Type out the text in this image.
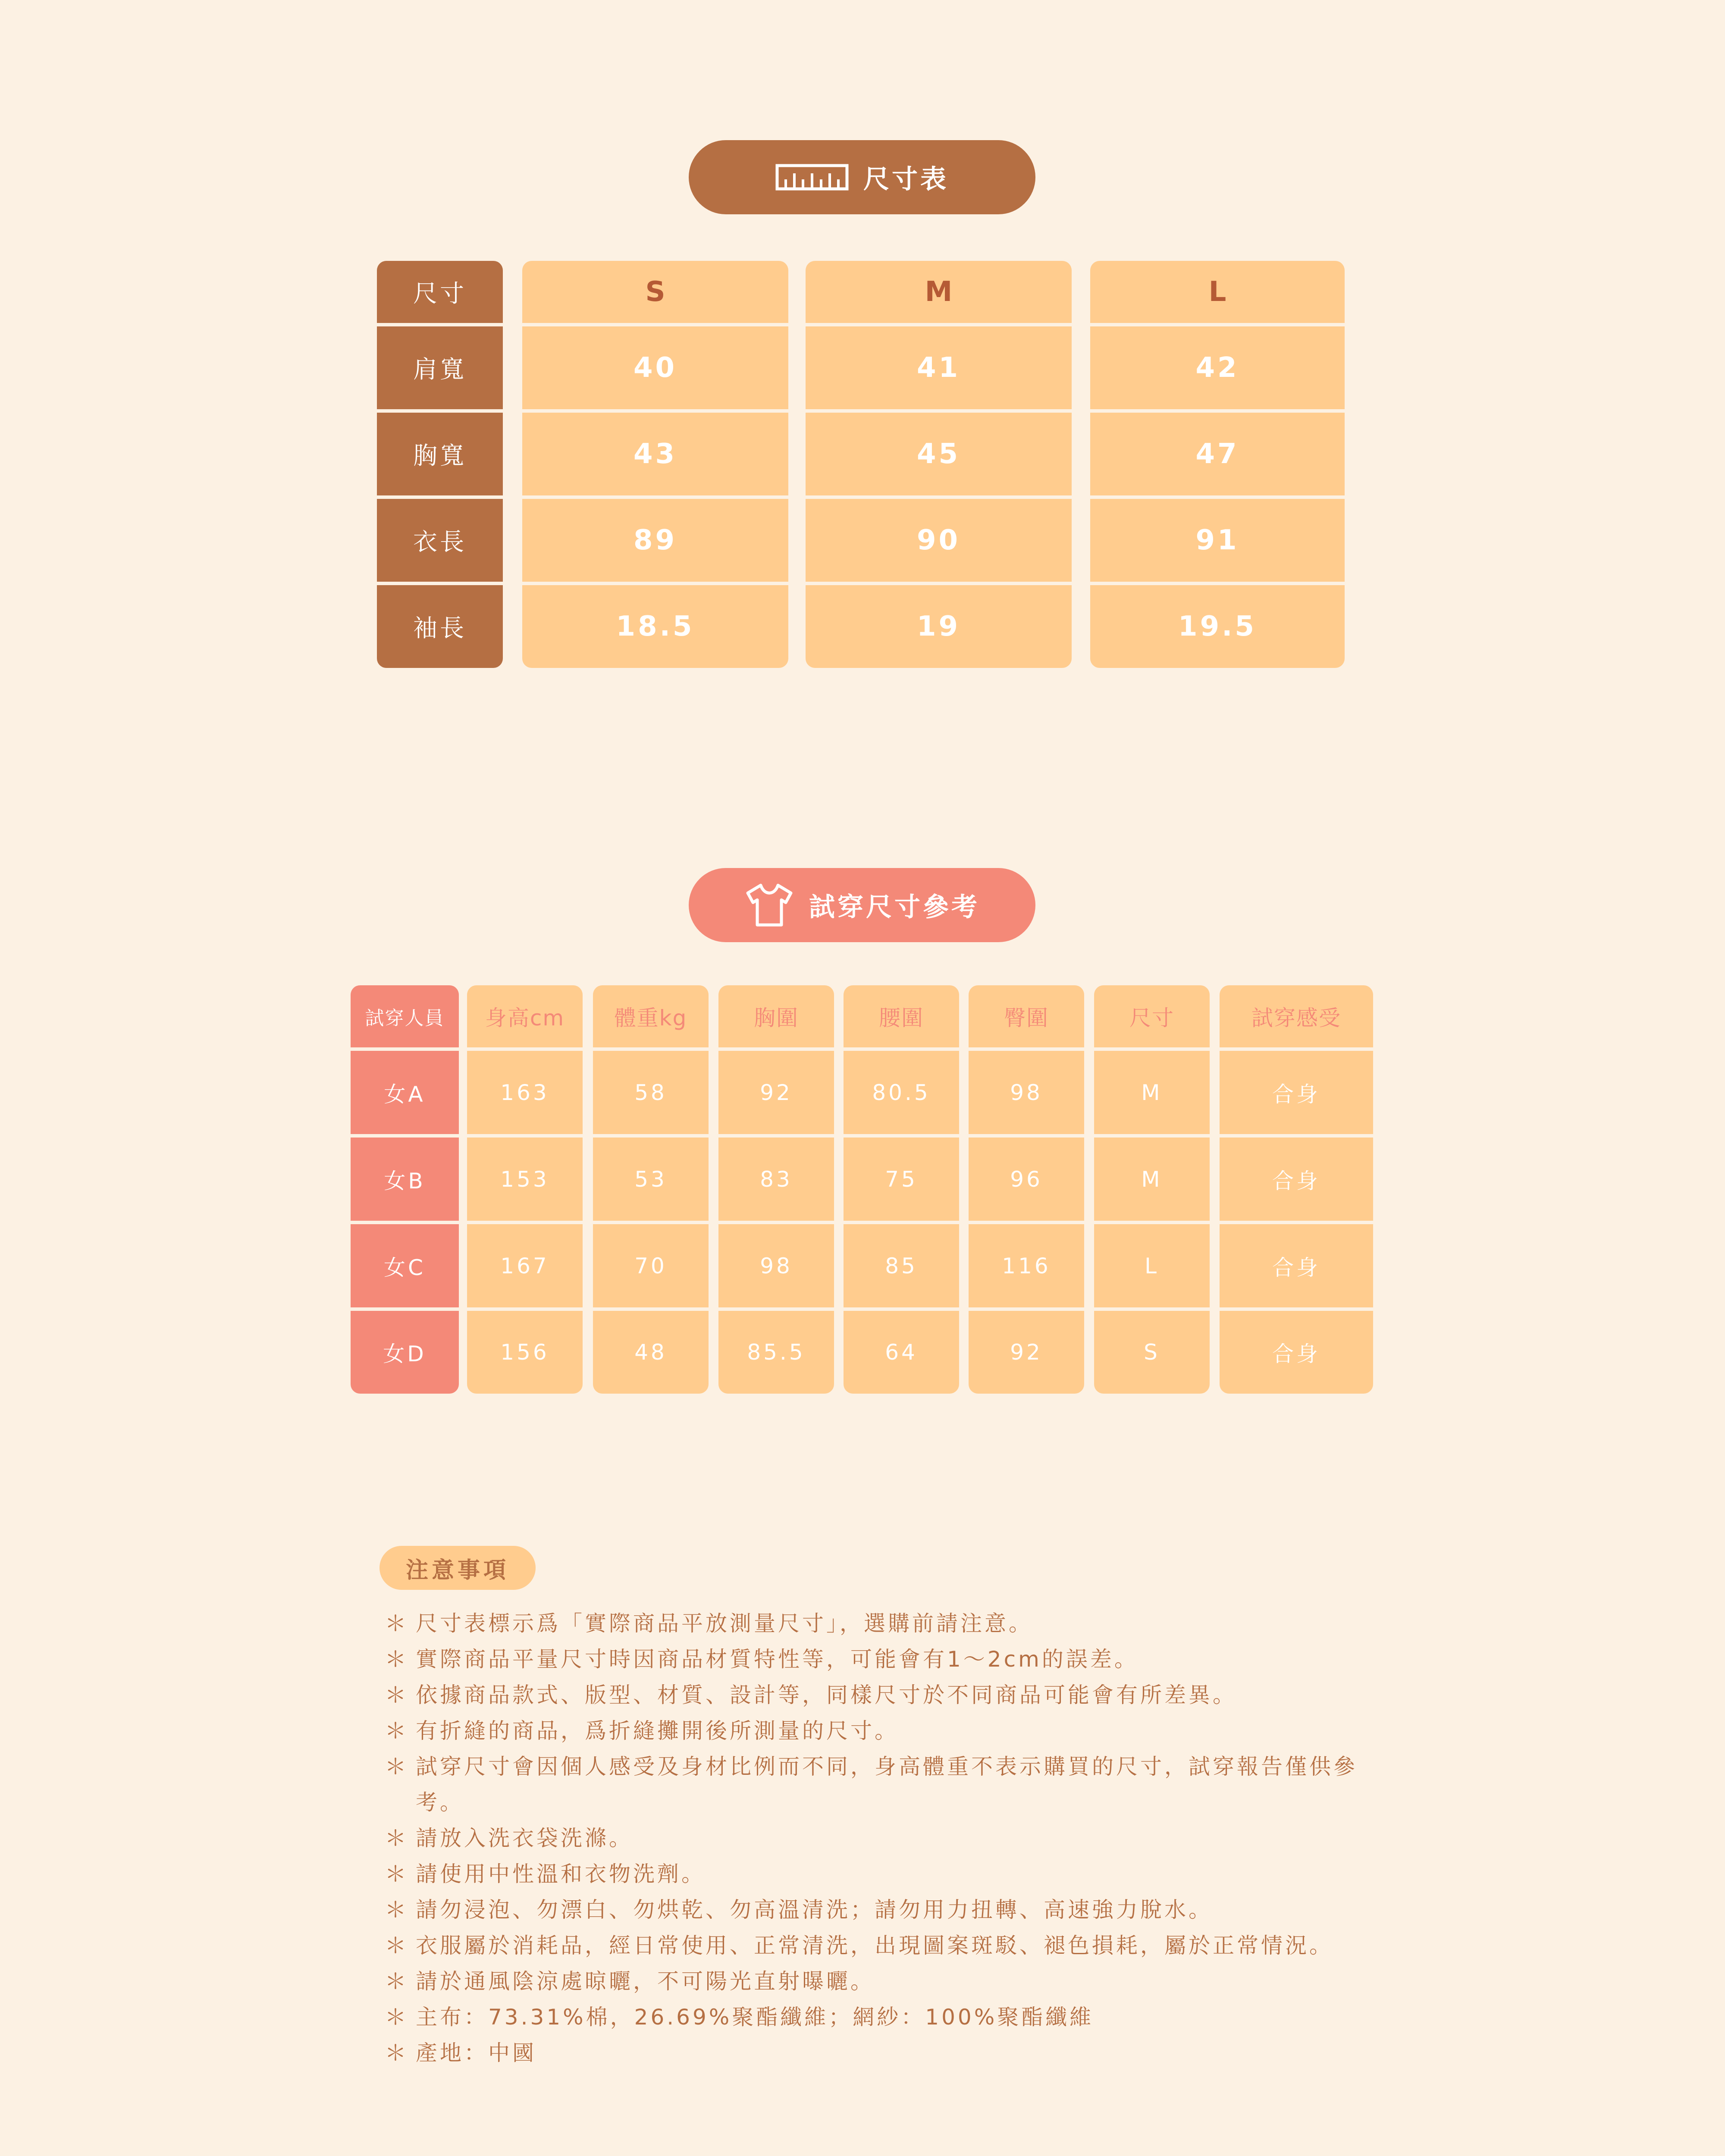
尺寸表
尺寸
肩寬
胸寬
衣長
袖長
S
40
43
89
18.5
M
41
45
90
19
L
42
47
91
19.5
試穿尺寸參考
試穿人員
女A
女B
女C
女D
身高cm
163
153
167
156
體重kg
58
53
70
48
胸圍
92
83
98
85.5
腰圍
80.5
75
85
64
臀圍
98
96
116
92
尺寸
M
M
L
S
試穿感受
合身
合身
合身
合身
注意事項
＊ 尺寸表標示爲「實際商品平放測量尺寸」，選購前請注意。
＊ 實際商品平量尺寸時因商品材質特性等，可能會有1～2cm的誤差。
＊ 依據商品款式、版型、材質、設計等，同樣尺寸於不同商品可能會有所差異。
＊ 有折縫的商品，爲折縫攤開後所測量的尺寸。
＊ 試穿尺寸會因個人感受及身材比例而不同，身高體重不表示購買的尺寸，試穿報告僅供參考。
＊ 請放入洗衣袋洗滌。
＊ 請使用中性溫和衣物洗劑。
＊ 請勿浸泡、勿漂白、勿烘乾、勿高溫清洗；請勿用力扭轉、高速強力脫水。
＊ 衣服屬於消耗品，經日常使用、正常清洗，出現圖案斑駁、褪色損耗，屬於正常情況。
＊ 請於通風陰涼處晾曬，不可陽光直射曝曬。
＊ 主布：73.31%棉，26.69%聚酯纖維；網紗：100%聚酯纖維
＊ 產地：中國
